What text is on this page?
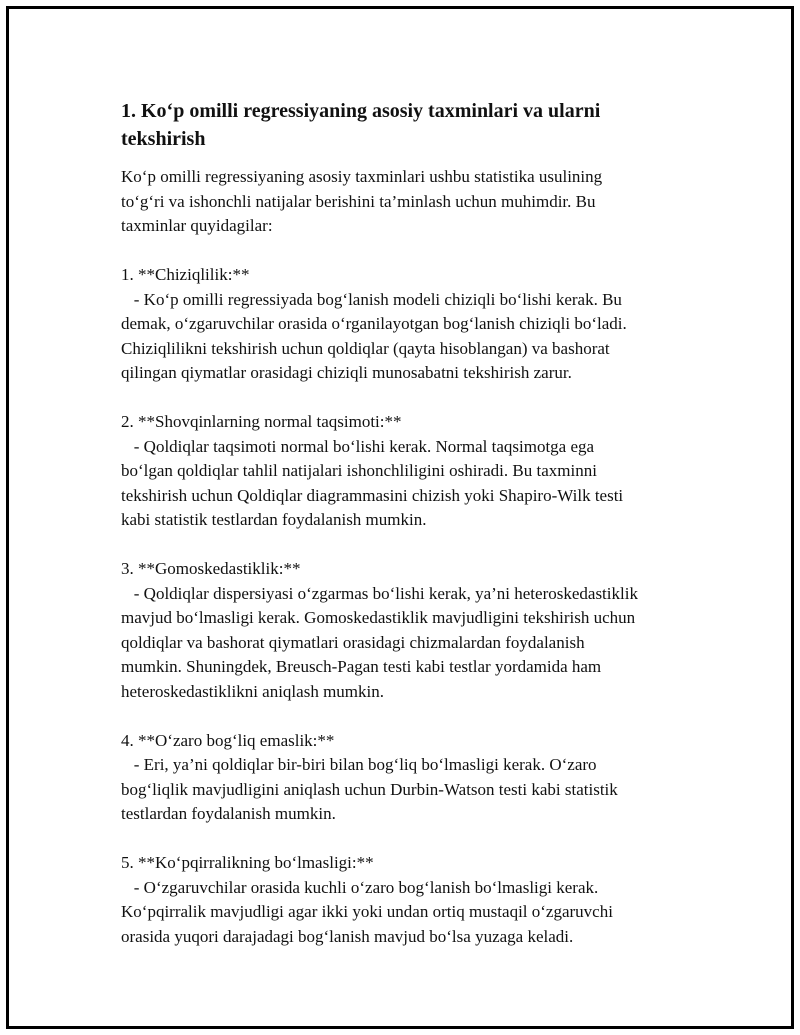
1. Ko‘p omilli regressiyaning asosiy taxminlari va ularni
tekshirish

Ko‘p omilli regressiyaning asosiy taxminlari ushbu statistika usulining
to‘g‘ri va ishonchli natijalar berishini ta’minlash uchun muhimdir. Bu
taxminlar quyidagilar:

1. **Chiziqlilik:**

- Ko‘p omilli regressiyada bog‘lanish modeli chiziqli bo‘lishi kerak. Bu
demak, o‘zgaruvchilar orasida o‘rganilayotgan bog‘lanish chiziqli bo‘ladi.
Chiziqlilikni tekshirish uchun qoldiqlar (qayta hisoblangan) va bashorat
qilingan qiymatlar orasidagi chiziqli munosabatni tekshirish zarur.

2. **Shovqinlarning normal taqsimoti:**

- Qoldiqlar taqsimoti normal bo‘lishi kerak. Normal taqsimotga ega
bo‘lgan qoldiqlar tahlil natijalari ishonchliligini oshiradi. Bu taxminni
tekshirish uchun Qoldiqlar diagrammasini chizish yoki Shapiro-Wilk testi
kabi statistik testlardan foydalanish mumkin.

3. **Gomoskedastiklik:**

- Qoldiqlar dispersiyasi o‘zgarmas bo‘lishi kerak, ya’ni heteroskedastiklik
mavjud bo‘lmasligi kerak. Gomoskedastiklik mavjudligini tekshirish uchun
qoldiqlar va bashorat qiymatlari orasidagi chizmalardan foydalanish
mumkin. Shuningdek, Breusch-Pagan testi kabi testlar yordamida ham
heteroskedastiklikni aniqlash mumkin.

4. **O‘zaro bog‘liq emaslik:**

- Eri, ya’ni qoldiqlar bir-biri bilan bog‘liq bo‘lmasligi kerak. O‘zaro
bog‘liqlik mavjudligini aniqlash uchun Durbin-Watson testi kabi statistik
testlardan foydalanish mumkin.

5. **Ko‘pqirralikning bo‘lmasligi:**

- O‘zgaruvchilar orasida kuchli o‘zaro bog‘lanish bo‘lmasligi kerak.
Ko‘pqirralik mavjudligi agar ikki yoki undan ortiq mustaqil o‘zgaruvchi
orasida yuqori darajadagi bog‘lanish mavjud bo‘lsa yuzaga keladi.
